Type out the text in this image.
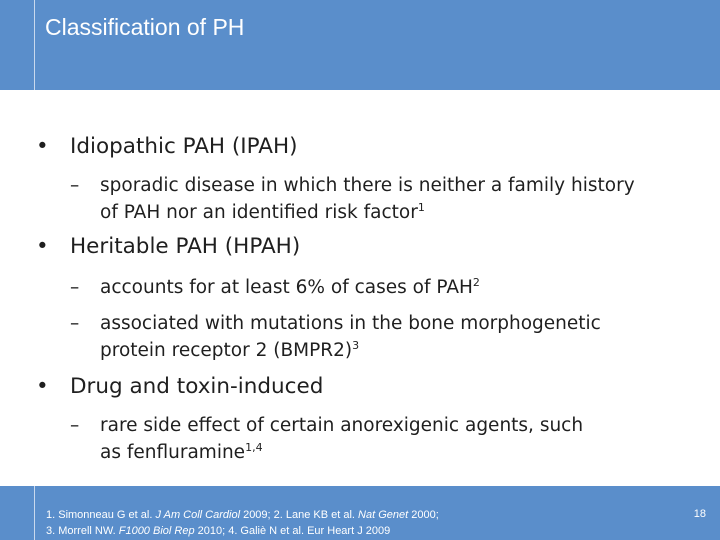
Classification of PH
• Idiopathic PAH (IPAH)
– sporadic disease in which there is neither a family history
of PAH nor an identified risk factor$^1$
• Heritable PAH (HPAH)
– accounts for at least 6% of cases of PAH$^2$
– associated with mutations in the bone morphogenetic
protein receptor 2 (BMPR2)$^3$
• Drug and toxin-induced
– rare side effect of certain anorexigenic agents, such
as fenfluramine$^{1,4}$
1. Simonneau G et al. J Am Coll Cardiol 2009; 2. Lane KB et al. Nat Genet 2000;
3. Morrell NW. F1000 Biol Rep 2010; 4. Galiè N et al. Eur Heart J 2009
18
